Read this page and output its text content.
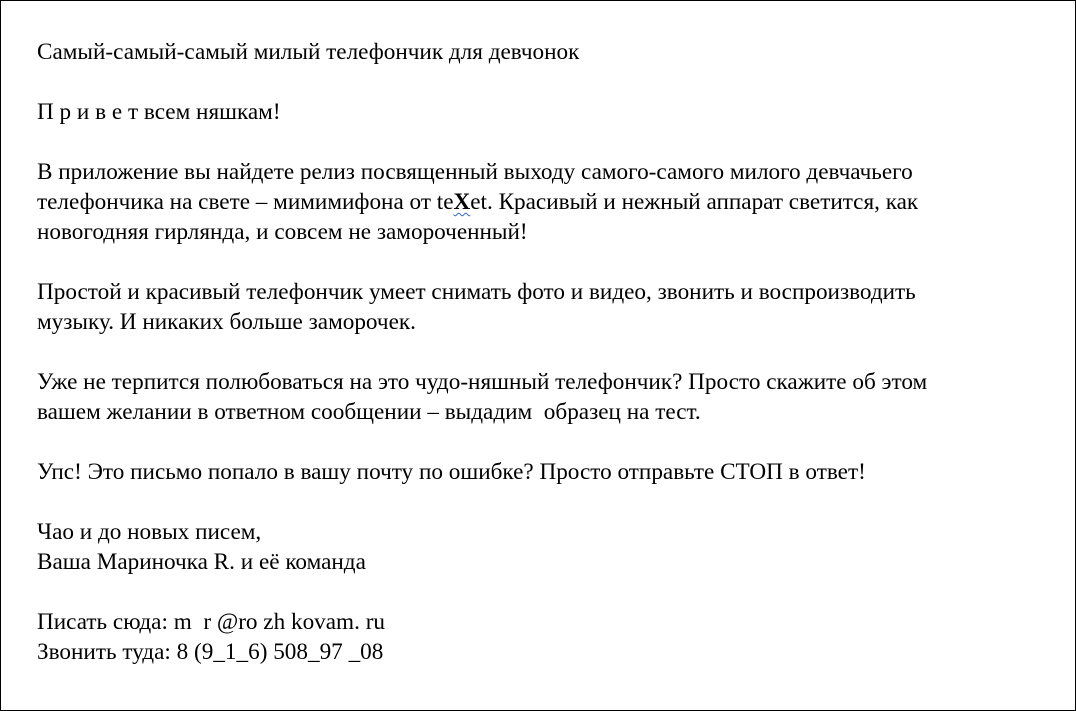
Самый-самый-самый милый телефончик для девчонок

П р и в е т всем няшкам!

В приложение вы найдете релиз посвященный выходу самого-самого милого девчачьего
телефончика на свете – мимимифона от teXet. Красивый и нежный аппарат светится, как
новогодняя гирлянда, и совсем не замороченный!

Простой и красивый телефончик умеет снимать фото и видео, звонить и воспроизводить
музыку. И никаких больше заморочек.

Уже не терпится полюбоваться на это чудо-няшный телефончик? Просто скажите об этом
вашем желании в ответном сообщении – выдадим  образец на тест.

Упс! Это письмо попало в вашу почту по ошибке? Просто отправьте СТОП в ответ!

Чао и до новых писем,
Ваша Мариночка R. и её команда

Писать сюда: m  r @ro zh kovam. ru
Звонить туда: 8 (9_1_6) 508_97 _08
